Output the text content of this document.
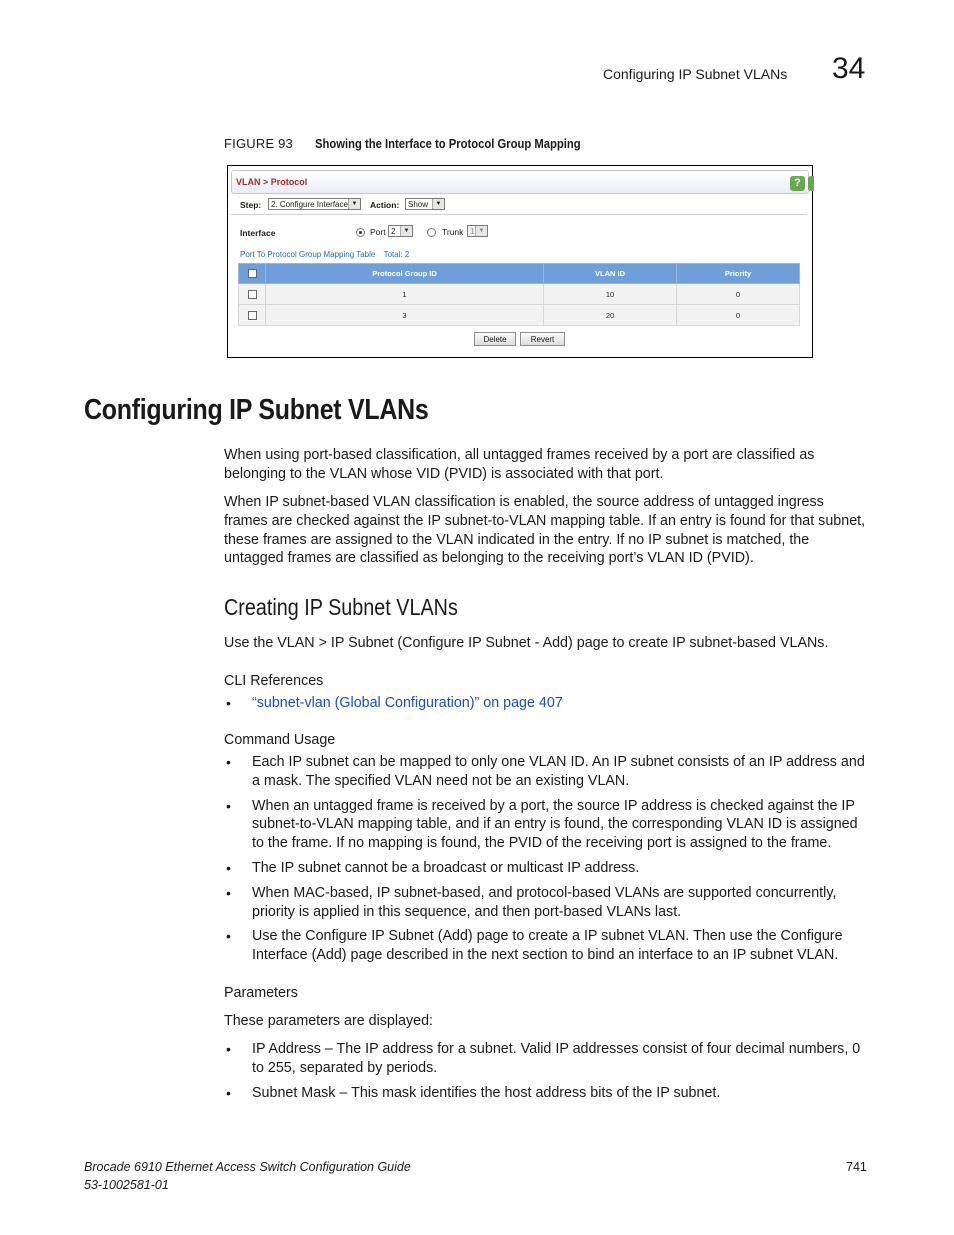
Configuring IP Subnet VLANs 34
FIGURE 93 Showing the Interface to Protocol Group Mapping
VLAN > Protocol	?
Step:	2. Configure Interface ▼ Action:	Show	▼
Interface	Port 2	▼	Trunk 1 ▼
Port To Protocol Group Mapping Table Total: 2
	Protocol Group ID	VLAN ID	Priority
	1	10	0
	3	20	0
Delete	Revert
Configuring IP Subnet VLANs
When using port-based classification, all untagged frames received by a port are classified as belonging to the VLAN whose VID (PVID) is associated with that port.
When IP subnet-based VLAN classification is enabled, the source address of untagged ingress frames are checked against the IP subnet-to-VLAN mapping table. If an entry is found for that subnet, these frames are assigned to the VLAN indicated in the entry. If no IP subnet is matched, the untagged frames are classified as belonging to the receiving port’s VLAN ID (PVID).
Creating IP Subnet VLANs
Use the VLAN > IP Subnet (Configure IP Subnet - Add) page to create IP subnet-based VLANs.
CLI References
• “subnet-vlan (Global Configuration)” on page 407
Command Usage
• Each IP subnet can be mapped to only one VLAN ID. An IP subnet consists of an IP address and a mask. The specified VLAN need not be an existing VLAN.
• When an untagged frame is received by a port, the source IP address is checked against the IP subnet-to-VLAN mapping table, and if an entry is found, the corresponding VLAN ID is assigned to the frame. If no mapping is found, the PVID of the receiving port is assigned to the frame.
• The IP subnet cannot be a broadcast or multicast IP address.
• When MAC-based, IP subnet-based, and protocol-based VLANs are supported concurrently, priority is applied in this sequence, and then port-based VLANs last.
• Use the Configure IP Subnet (Add) page to create a IP subnet VLAN. Then use the Configure Interface (Add) page described in the next section to bind an interface to an IP subnet VLAN.
Parameters
These parameters are displayed:
• IP Address – The IP address for a subnet. Valid IP addresses consist of four decimal numbers, 0 to 255, separated by periods.
• Subnet Mask – This mask identifies the host address bits of the IP subnet.
Brocade 6910 Ethernet Access Switch Configuration Guide
53-1002581-01
741
